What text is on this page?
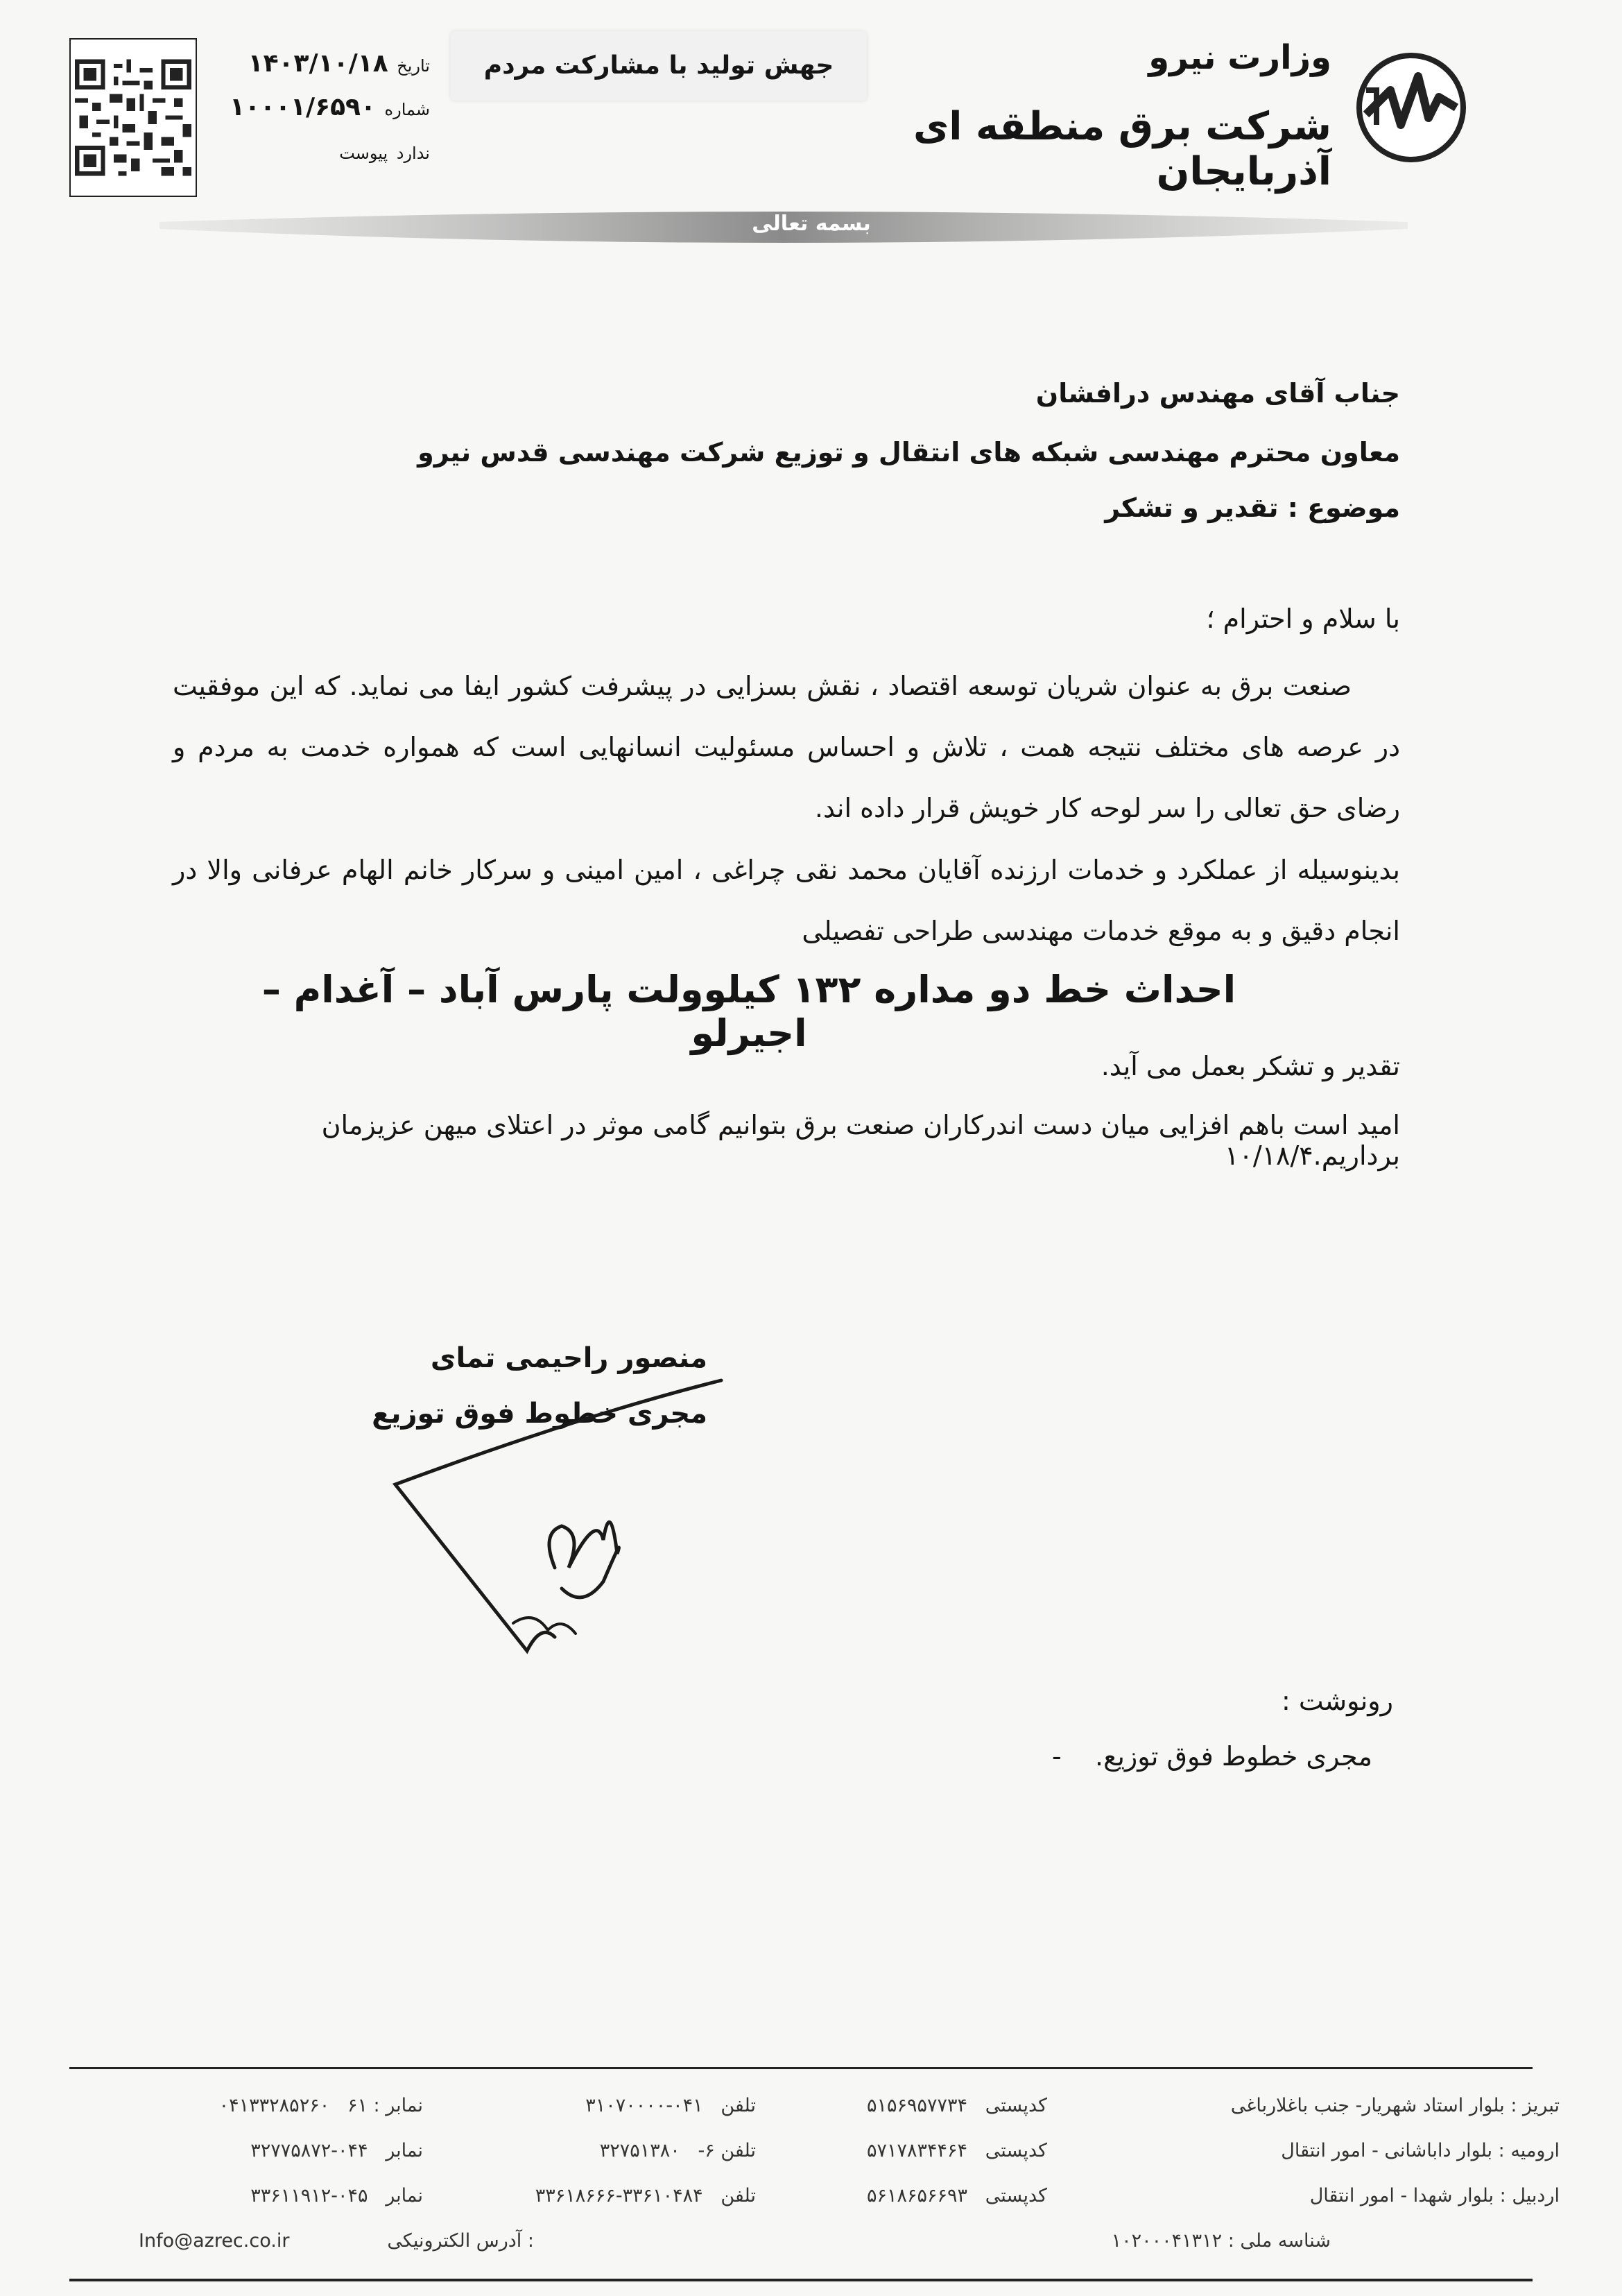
۱۴۰۳/۱۰/۱۸ تاریخ
۱۰۰۰۱/۶۵۹۰ شماره
ندارد پیوست
جهش تولید با مشارکت مردم	وزارت نیرو
شرکت برق منطقه ای آذربایجان
بسمه تعالی
جناب آقای مهندس درافشان
معاون محترم مهندسی شبکه های انتقال و توزیع شرکت مهندسی قدس نیرو
موضوع : تقدیر و تشکر
با سلام و احترام ؛
صنعت برق به عنوان شریان توسعه اقتصاد ، نقش بسزایی در پیشرفت کشور ایفا می نماید. که این موفقیت در عرصه های مختلف نتیجه همت ، تلاش و احساس مسئولیت انسانهایی است که همواره خدمت به مردم و رضای حق تعالی را سر لوحه کار خویش قرار داده اند.
بدینوسیله از عملکرد و خدمات ارزنده آقایان محمد نقی چراغی ، امین امینی و سرکار خانم الهام عرفانی والا در انجام دقیق و به موقع خدمات مهندسی طراحی تفصیلی
احداث خط دو مداره ۱۳۲ کیلوولت پارس آباد – آغدام – اجیرلو
تقدیر و تشکر بعمل می آید.
امید است باهم افزایی میان دست اندرکاران صنعت برق بتوانیم گامی موثر در اعتلای میهن عزیزمان برداریم.۱۰/۱۸/۴
منصور راحیمی تمای
مجری خطوط فوق توزیع
رونوشت :
مجری خطوط فوق توزیع.    -
تبریز : بلوار استاد شهریار- جنب باغلارباغی
کدپستی   ۵۱۵۶۹۵۷۷۳۴
تلفن   ۰۴۱-۳۱۰۷۰۰۰۰
نمابر : ۶۱   ۰۴۱۳۳۲۸۵۲۶۰
ارومیه : بلوار داباشانی - امور انتقال
کدپستی   ۵۷۱۷۸۳۴۴۶۴
تلفن ۶-   ۳۲۷۵۱۳۸۰
نمابر   ۰۴۴-۳۲۷۷۵۸۷۲
اردبیل : بلوار شهدا - امور انتقال
کدپستی   ۵۶۱۸۶۵۶۶۹۳
تلفن   ۳۳۶۱۰۴۸۴-۳۳۶۱۸۶۶۶
نمابر   ۰۴۵-۳۳۶۱۱۹۱۲
شناسه ملی : ۱۰۲۰۰۰۴۱۳۱۲
آدرس الکترونیکی :
Info@azrec.co.ir
